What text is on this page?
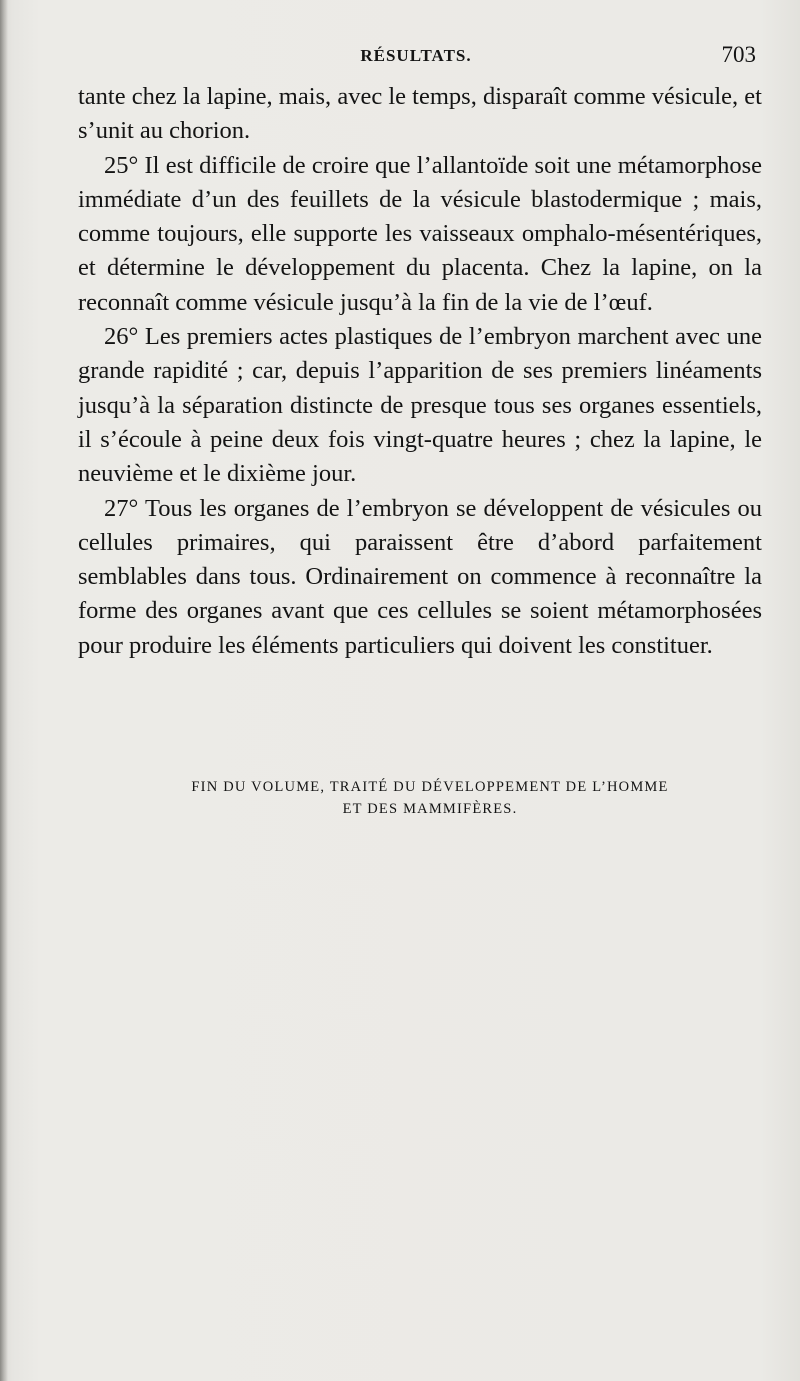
RÉSULTATS.	703

tante chez la lapine, mais, avec le temps, disparaît comme vésicule, et s’unit au chorion.

25° Il est difficile de croire que l’allantoïde soit une métamorphose immédiate d’un des feuillets de la vésicule blastodermique ; mais, comme toujours, elle supporte les vaisseaux omphalo-mésentériques, et détermine le développement du placenta. Chez la lapine, on la reconnaît comme vésicule jusqu’à la fin de la vie de l’œuf.

26° Les premiers actes plastiques de l’embryon marchent avec une grande rapidité ; car, depuis l’apparition de ses premiers linéaments jusqu’à la séparation distincte de presque tous ses organes essentiels, il s’écoule à peine deux fois vingt-quatre heures ; chez la lapine, le neuvième et le dixième jour.

27° Tous les organes de l’embryon se développent de vésicules ou cellules primaires, qui paraissent être d’abord parfaitement semblables dans tous. Ordinairement on commence à reconnaître la forme des organes avant que ces cellules se soient métamorphosées pour produire les éléments particuliers qui doivent les constituer.

FIN DU VOLUME, TRAITÉ DU DÉVELOPPEMENT DE L’HOMME
ET DES MAMMIFÈRES.
